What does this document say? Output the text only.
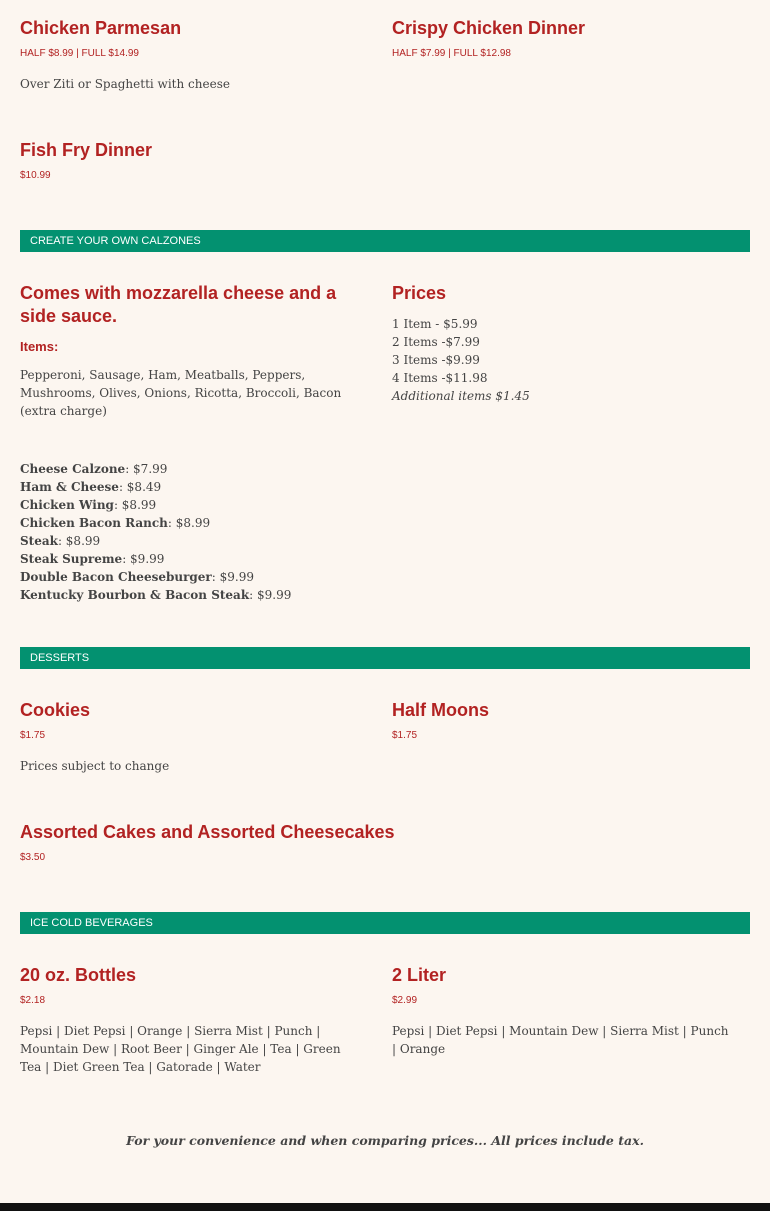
Chicken Parmesan
HALF $8.99 | FULL $14.99
Over Ziti or Spaghetti with cheese
Crispy Chicken Dinner
HALF $7.99 | FULL $12.98
Fish Fry Dinner
$10.99
CREATE YOUR OWN CALZONES
Comes with mozzarella cheese and a side sauce.
Items:
Pepperoni, Sausage, Ham, Meatballs, Peppers, Mushrooms, Olives, Onions, Ricotta, Broccoli, Bacon (extra charge)
Prices
1 Item - $5.99
2 Items -$7.99
3 Items -$9.99
4 Items -$11.98
Additional items $1.45
Cheese Calzone: $7.99
Ham & Cheese: $8.49
Chicken Wing: $8.99
Chicken Bacon Ranch: $8.99
Steak: $8.99
Steak Supreme: $9.99
Double Bacon Cheeseburger: $9.99
Kentucky Bourbon & Bacon Steak: $9.99
DESSERTS
Cookies
$1.75
Prices subject to change
Half Moons
$1.75
Assorted Cakes and Assorted Cheesecakes
$3.50
ICE COLD BEVERAGES
20 oz. Bottles
$2.18
Pepsi | Diet Pepsi | Orange | Sierra Mist | Punch | Mountain Dew | Root Beer | Ginger Ale | Tea | Green Tea | Diet Green Tea | Gatorade | Water
2 Liter
$2.99
Pepsi | Diet Pepsi | Mountain Dew | Sierra Mist | Punch | Orange
For your convenience and when comparing prices... All prices include tax.
